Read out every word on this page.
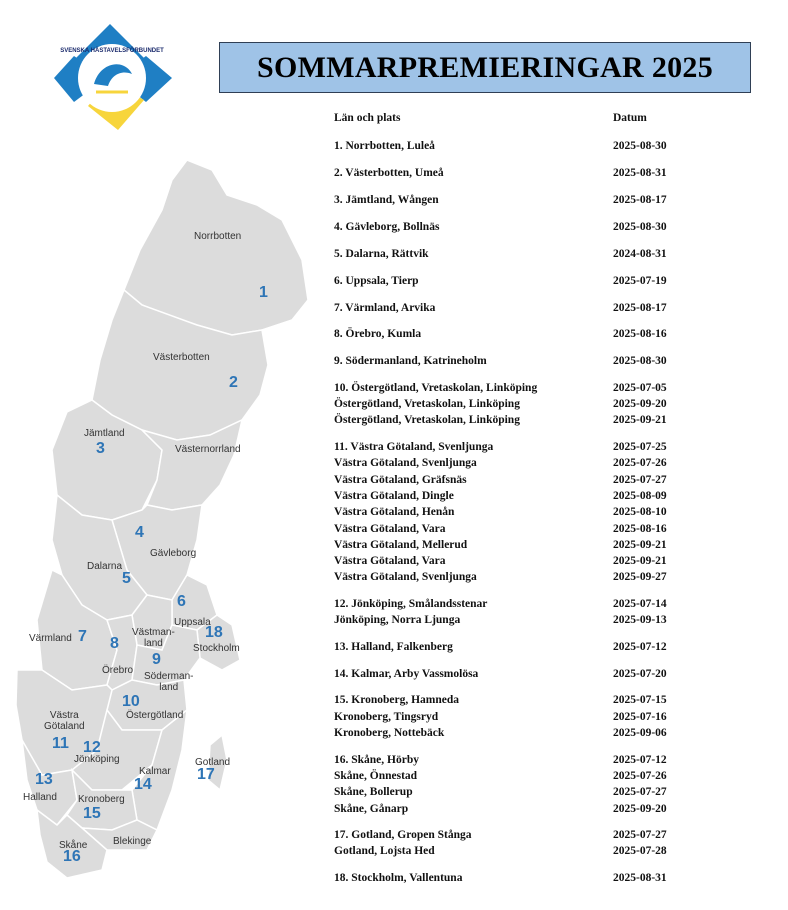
SVENSKA HÄSTAVELSFÖRBUNDET	SOMMARPREMIERINGAR 2025
Norrbotten
Västerbotten
Jämtland
Västernorrland
Gävleborg
Dalarna
Uppsala
Värmland
Västman-
land	Stockholm
Örebro
Söderman-
land
Östergötland
Västra
Götaland
Jönköping
Kalmar
Gotland
Halland Kronoberg
Skåne	Blekinge
1
2
3
4
5
6
7 8
9
10
11 12
13	14
15
16
17
18
Län och plats	Datum
1. Norrbotten, Luleå	2025-08-30
2. Västerbotten, Umeå	2025-08-31
3. Jämtland, Wången	2025-08-17
4. Gävleborg, Bollnäs	2025-08-30
5. Dalarna, Rättvik	2024-08-31
6. Uppsala, Tierp	2025-07-19
7. Värmland, Arvika	2025-08-17
8. Örebro, Kumla	2025-08-16
9. Södermanland, Katrineholm	2025-08-30
10. Östergötland, Vretaskolan, Linköping	2025-07-05
Östergötland, Vretaskolan, Linköping	2025-09-20
Östergötland, Vretaskolan, Linköping	2025-09-21
11. Västra Götaland, Svenljunga	2025-07-25
Västra Götaland, Svenljunga	2025-07-26
Västra Götaland, Gräfsnäs	2025-07-27
Västra Götaland, Dingle	2025-08-09
Västra Götaland, Henån	2025-08-10
Västra Götaland, Vara	2025-08-16
Västra Götaland, Mellerud	2025-09-21
Västra Götaland, Vara	2025-09-21
Västra Götaland, Svenljunga	2025-09-27
12. Jönköping, Smålandsstenar	2025-07-14
Jönköping, Norra Ljunga	2025-09-13
13. Halland, Falkenberg	2025-07-12
14. Kalmar, Arby Vassmolösa	2025-07-20
15. Kronoberg, Hamneda	2025-07-15
Kronoberg, Tingsryd	2025-07-16
Kronoberg, Nottebäck	2025-09-06
16. Skåne, Hörby	2025-07-12
Skåne, Önnestad	2025-07-26
Skåne, Bollerup	2025-07-27
Skåne, Gånarp	2025-09-20
17. Gotland, Gropen Stånga	2025-07-27
Gotland, Lojsta Hed	2025-07-28
18. Stockholm, Vallentuna	2025-08-31
